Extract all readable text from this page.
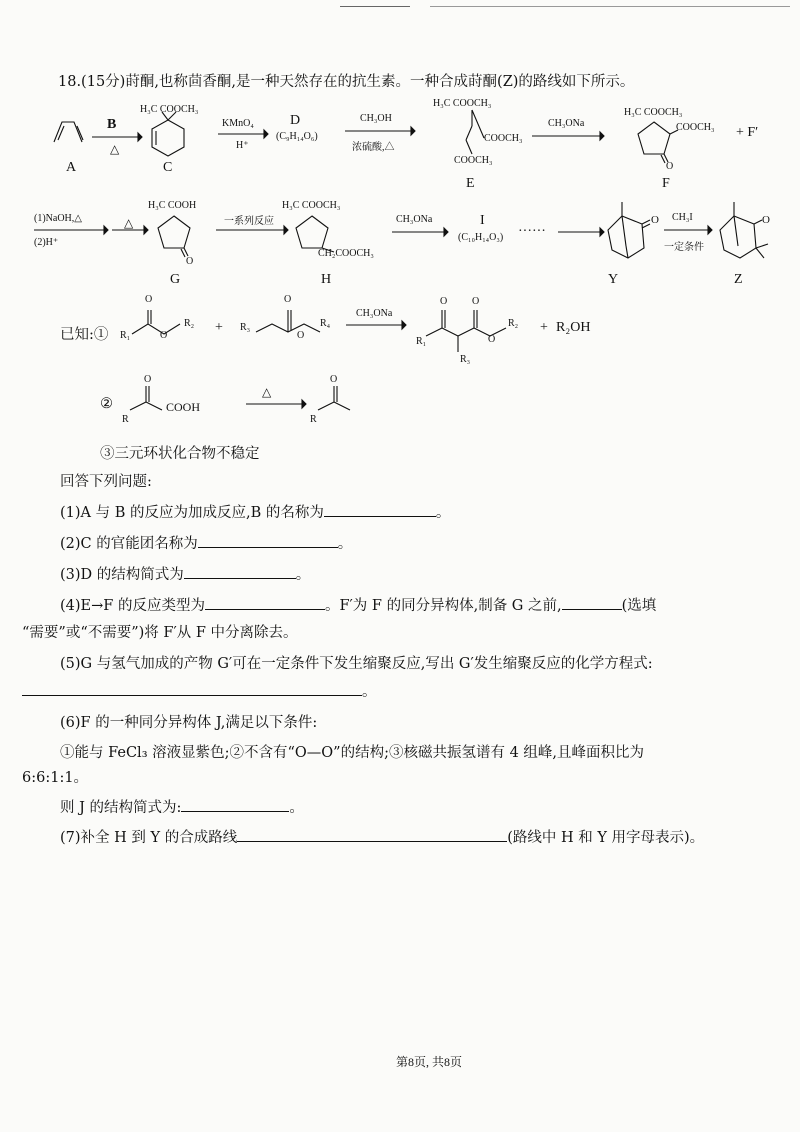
18.(15分)莳酮,也称茴香酮,是一种天然存在的抗生素。一种合成莳酮(Z)的路线如下所示。
A
B
△
H₃C COOCH₃
C
KMnO₄
H⁺
D
(C₉H₁₄O₆)
CH₃OH
浓硫酸,△
H₃C COOCH₃
COOCH₃
COOCH₃
E
CH₃ONa
H₃C COOCH₃
COOCH₃
O
+ F′
F
(1)NaOH,△
(2)H⁺
△
H₃C COOH
O
G
一系列反应
H₃C COOCH₃
CH₂COOCH₃
H
CH₃ONa	I
(C₁₀H₁₄O₃) ······
O
Y
CH₃I
一定条件
O
Z
已知:①
O
O
R₁
R₂ +
O
O
R₃	R₄
CH₃ONa
O O
O
R₁
R₃
R₂ + R₂OH
②
O
R
COOH
△
O
R
③三元环状化合物不稳定
回答下列问题:
(1)A 与 B 的反应为加成反应,B 的名称为	。
(2)C 的官能团名称为	。
(3)D 的结构简式为	。
(4)E→F 的反应类型为	。F′为 F 的同分异构体,制备 G 之前,	(选填
“需要”或“不需要”)将 F′从 F 中分离除去。
(5)G 与氢气加成的产物 G′可在一定条件下发生缩聚反应,写出 G′发生缩聚反应的化学方程式:
。
(6)F 的一种同分异构体 J,满足以下条件:
①能与 FeCl₃ 溶液显紫色;②不含有“O—O”的结构;③核磁共振氢谱有 4 组峰,且峰面积比为
6:6:1:1。
则 J 的结构简式为:	。
(7)补全 H 到 Y 的合成路线	(路线中 H 和 Y 用字母表示)。
第8页, 共8页
